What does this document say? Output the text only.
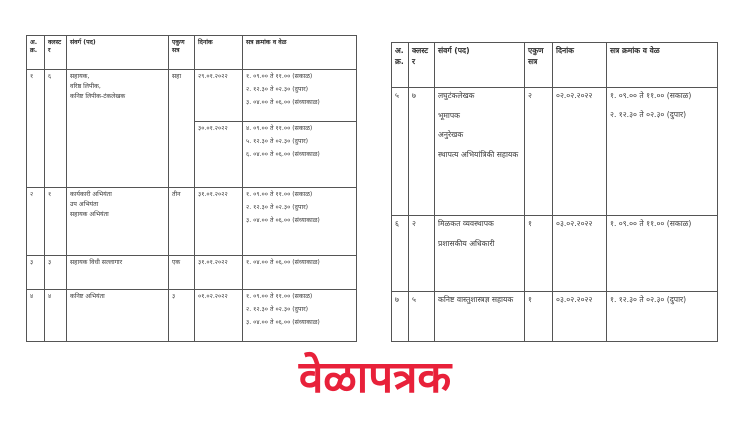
अ. क्र.	क्लस्टर	संवर्ग (पद)	एकुण सत्र	दिनांक	सत्र क्रमांक व वेळ
१	६	सहायक,
वरिष्ठ लिपीक,
कनिष्ट लिपीक-टंकलेखक	सहा	२९.०१.२०२२	१. ०९.०० ते ११.०० (सकाळ)
२. १२.३० ते ०२.३० (दुपार)
३. ०४.०० ते ०६.०० (संध्याकाळ)

				३०.०१.२०२२	४. ०९.०० ते ११.०० (सकाळ)
५. १२.३० ते ०२.३० (दुपार)
६. ०४.०० ते ०६.०० (संध्याकाळ)

२	१	कार्यकारी अभियंता
उप अभियंता
सहायक अभियंता	तीन	३१.०१.२०२२	१. ०९.०० ते ११.०० (सकाळ)
२. १२.३० ते ०२.३० (दुपार)
३. ०४.०० ते ०६.०० (संध्याकाळ)

३	३	सहायक विधी सल्लागार	एक	३१.०१.२०२२	१. ०४.०० ते ०६.०० (संध्याकाळ)

४	४	कनिष्ट अभियंता	३	०१.०२.२०२२	१. ०९.०० ते ११.०० (सकाळ)
२. १२.३० ते ०२.३० (दुपार)
३. ०४.०० ते ०६.०० (संध्याकाळ)
अ. क्र.	क्लस्टर	संवर्ग (पद)	एकुण सत्र	दिनांक	सत्र क्रमांक व वेळ
५	७	लघुटंकलेखक
भूमापक
अनुरेखक
स्थापत्य अभियांत्रिकी सहायक	२	०२.०२.२०२२	१. ०९.०० ते ११.०० (सकाळ)
२. १२.३० ते ०२.३० (दुपार)

६	२	मिळकत व्यवस्थापक
प्रशासकीय अधिकारी	१	०३.०२.२०२२	१. ०९.०० ते ११.०० (सकाळ)

७	५	कनिष्ट वास्तुशास्त्रज्ञ सहायक	१	०३.०२.२०२२	१. १२.३० ते ०२.३० (दुपार)
वेळापत्रक
